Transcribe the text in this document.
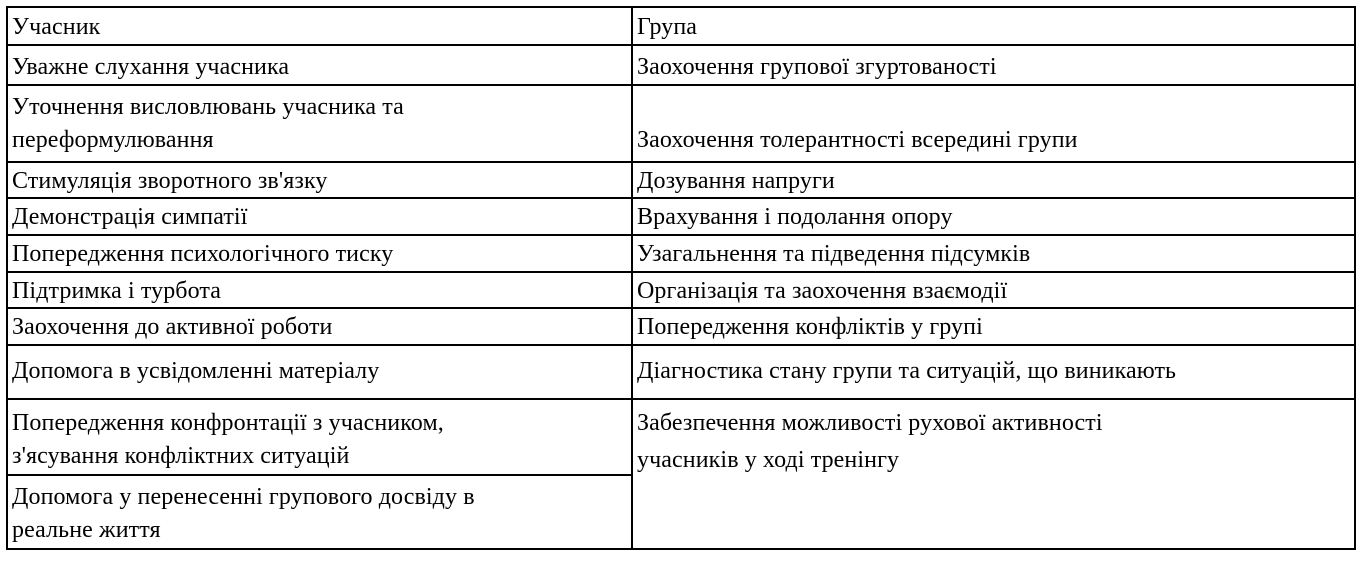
Учасник	Група
Уважне слухання учасника
Уточнення висловлювань учасника та
переформулювання
Стимуляція зворотного зв'язку
Демонстрація симпатії
Попередження психологічного тиску
Підтримка і турбота
Заохочення до активної роботи
Допомога в усвідомленні матеріалу
Попередження конфронтації з учасником,
з'ясування конфліктних ситуацій
Допомога у перенесенні групового досвіду в
реальне життя
Заохочення групової згуртованості
Заохочення толерантності всередині групи
Дозування напруги
Врахування і подолання опору
Узагальнення та підведення підсумків
Організація та заохочення взаємодії
Попередження конфліктів у групі
Діагностика стану групи та ситуацій, що виникають
Забезпечення можливості рухової активності
учасників у ході тренінгу
